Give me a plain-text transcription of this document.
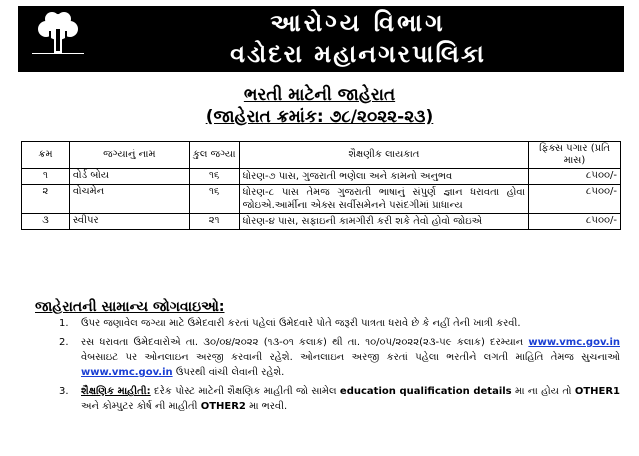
આરોગ્ય વિભાગ
વડોદરા મહાનગરપાલિકા
ભરતી માટેની જાહેરાત
(જાહેરાત ક્રમાંક: ૭૮/૨૦૨૨-૨૩)
ક્રમ	જગ્યાનું નામ	કુલ જગ્યા	શૈક્ષણીક લાયકાત	ફિક્સ પગાર (પ્રતિ માસ)
૧	વોર્ડ બોય	૧૬	ધોરણ-૭ પાસ, ગુજરાતી ભણેલા અને કામનો અનુભવ	૮૫૦૦/-
૨	વોચમેન	૧૬	ધોરણ-૮ પાસ તેમજ ગુજરાતી ભાષાનું સંપુર્ણ જ્ઞાન ધરાવતા હોવા જોઇએ.આર્મીના એક્સ સર્વીસમેનને પસંદગીમાં પ્રાધાન્ય	૮૫૦૦/-
૩	સ્વીપર	૨૧	ધોરણ-૪ પાસ, સફાઇની કામગીરી કરી શકે તેવો હોવો જોઇએ	૮૫૦૦/-
જાહેરાતની સામાન્ય જોગવાઇઓ:
1. ઉપર જણાવેલ જગ્યા માટે ઉમેદવારી કરતાં પહેલાં ઉમેદવારે પોતે જરૂરી પાત્રતા ધરાવે છે કે નહીં તેની ખાત્રી કરવી.
2. રસ ધરાવતા ઉમેદવારોએ તા. ૩૦/૦૪/૨૦૨૨ (૧૩-૦૧ કલાક) થી તા. ૧૦/૦૫/૨૦૨૨(૨૩-૫૯ કલાક) દરમ્યાન www.vmc.gov.in વેબસાઇટ પર ઓનલાઇન અરજી કરવાની રહેશે. ઓનલાઇન અરજી કરતાં પહેલા ભરતીને લગતી માહિતિ તેમજ સુચનાઓ www.vmc.gov.in ઉપરથી વાંચી લેવાની રહેશે.
3. શૈક્ષણિક માહીતી: દરેક પોસ્ટ માટેની શૈક્ષણિક માહીતી જો સામેલ education qualification details મા ના હોય તો OTHER1 અને કોમ્પુટર કોર્ષ ની માહીતી OTHER2 મા ભરવી.
